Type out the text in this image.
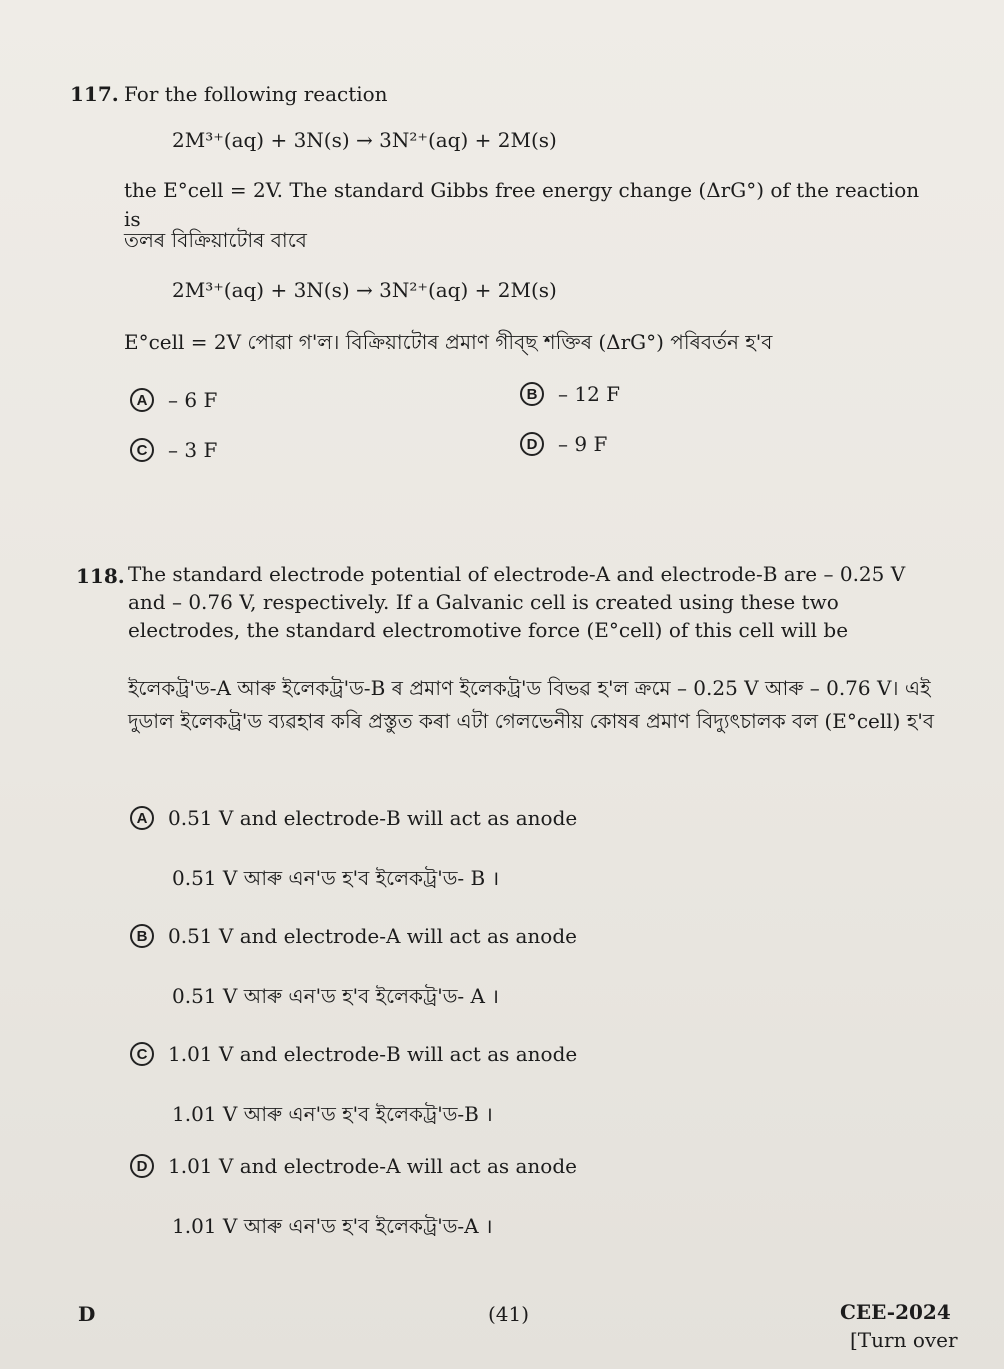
117. For the following reaction
2M³⁺(aq) + 3N(s) → 3N²⁺(aq) + 2M(s)
the E°cell = 2V. The standard Gibbs free energy change (ΔrG°) of the reaction is
তলৰ বিক্ৰিয়াটোৰ বাবে
2M³⁺(aq) + 3N(s) → 3N²⁺(aq) + 2M(s)
E°cell = 2V পোৱা গ'ল। বিক্ৰিয়াটোৰ প্ৰমাণ গীব্‌ছ শক্তিৰ (ΔrG°) পৰিবৰ্তন হ'ব
A	– 6 F	B	– 12 F
C	– 3 F	D	– 9 F
118. The standard electrode potential of electrode-A and electrode-B are – 0.25 V and – 0.76 V, respectively. If a Galvanic cell is created using these two electrodes, the standard electromotive force (E°cell) of this cell will be
ইলেকট্ৰ'ড-A আৰু ইলেকট্ৰ'ড-B ৰ প্ৰমাণ ইলেকট্ৰ'ড বিভৱ হ'ল ক্ৰমে – 0.25 V আৰু – 0.76 V। এই দুডাল ইলেকট্ৰ'ড ব্যৱহাৰ কৰি প্ৰস্তুত কৰা এটা গেলভেনীয় কোষৰ প্ৰমাণ বিদ্যুৎচালক বল (E°cell) হ'ব
A	0.51 V and electrode-B will act as anode
0.51 V আৰু এন'ড হ'ব ইলেকট্ৰ'ড- B ।
B	0.51 V and electrode-A will act as anode
0.51 V আৰু এন'ড হ'ব ইলেকট্ৰ'ড- A ।
C	1.01 V and electrode-B will act as anode
1.01 V আৰু এন'ড হ'ব ইলেকট্ৰ'ড-B ।
D	1.01 V and electrode-A will act as anode
1.01 V আৰু এন'ড হ'ব ইলেকট্ৰ'ড-A ।
D	(41)	CEE-2024
[Turn over
